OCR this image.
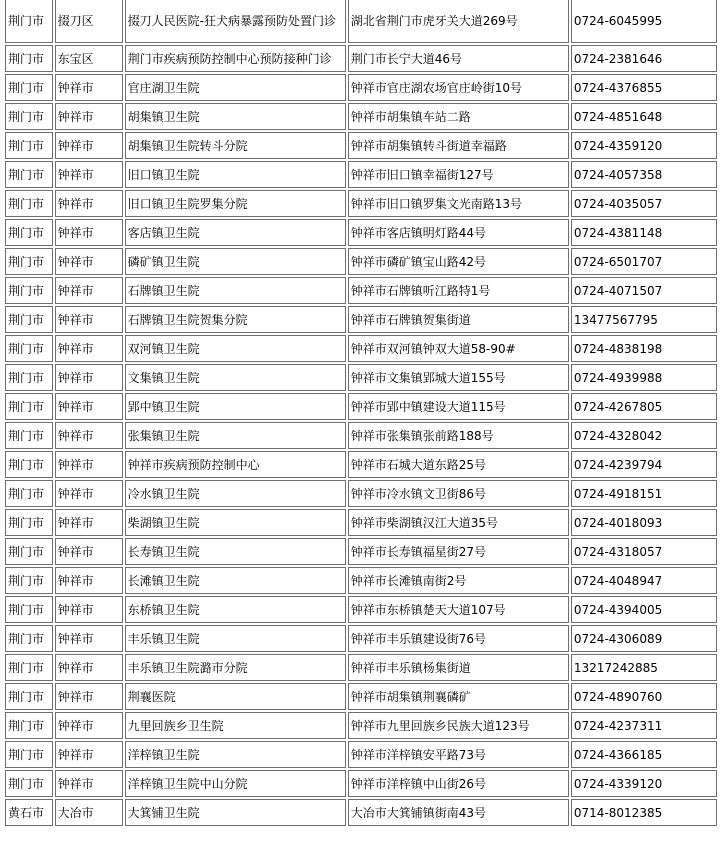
荆门市	掇刀区	掇刀人民医院-狂犬病暴露预防处置门诊	湖北省荆门市虎牙关大道269号	0724-6045995
荆门市	东宝区	荆门市疾病预防控制中心预防接种门诊	荆门市长宁大道46号	0724-2381646
荆门市	钟祥市	官庄湖卫生院	钟祥市官庄湖农场官庄岭街10号	0724-4376855
荆门市	钟祥市	胡集镇卫生院	钟祥市胡集镇车站二路	0724-4851648
荆门市	钟祥市	胡集镇卫生院转斗分院	钟祥市胡集镇转斗街道幸福路	0724-4359120
荆门市	钟祥市	旧口镇卫生院	钟祥市旧口镇幸福街127号	0724-4057358
荆门市	钟祥市	旧口镇卫生院罗集分院	钟祥市旧口镇罗集文光南路13号	0724-4035057
荆门市	钟祥市	客店镇卫生院	钟祥市客店镇明灯路44号	0724-4381148
荆门市	钟祥市	磷矿镇卫生院	钟祥市磷矿镇宝山路42号	0724-6501707
荆门市	钟祥市	石牌镇卫生院	钟祥市石牌镇听江路特1号	0724-4071507
荆门市	钟祥市	石牌镇卫生院贺集分院	钟祥市石牌镇贺集街道	13477567795
荆门市	钟祥市	双河镇卫生院	钟祥市双河镇钟双大道58-90#	0724-4838198
荆门市	钟祥市	文集镇卫生院	钟祥市文集镇郢城大道155号	0724-4939988
荆门市	钟祥市	郢中镇卫生院	钟祥市郢中镇建设大道115号	0724-4267805
荆门市	钟祥市	张集镇卫生院	钟祥市张集镇张前路188号	0724-4328042
荆门市	钟祥市	钟祥市疾病预防控制中心	钟祥市石城大道东路25号	0724-4239794
荆门市	钟祥市	冷水镇卫生院	钟祥市冷水镇文卫街86号	0724-4918151
荆门市	钟祥市	柴湖镇卫生院	钟祥市柴湖镇汉江大道35号	0724-4018093
荆门市	钟祥市	长寿镇卫生院	钟祥市长寿镇福星街27号	0724-4318057
荆门市	钟祥市	长滩镇卫生院	钟祥市长滩镇南街2号	0724-4048947
荆门市	钟祥市	东桥镇卫生院	钟祥市东桥镇楚天大道107号	0724-4394005
荆门市	钟祥市	丰乐镇卫生院	钟祥市丰乐镇建设街76号	0724-4306089
荆门市	钟祥市	丰乐镇卫生院潞市分院	钟祥市丰乐镇杨集街道	13217242885
荆门市	钟祥市	荆襄医院	钟祥市胡集镇荆襄磷矿	0724-4890760
荆门市	钟祥市	九里回族乡卫生院	钟祥市九里回族乡民族大道123号	0724-4237311
荆门市	钟祥市	洋梓镇卫生院	钟祥市洋梓镇安平路73号	0724-4366185
荆门市	钟祥市	洋梓镇卫生院中山分院	钟祥市洋梓镇中山街26号	0724-4339120
黄石市	大冶市	大箕铺卫生院	大冶市大箕铺镇街南43号	0714-8012385
